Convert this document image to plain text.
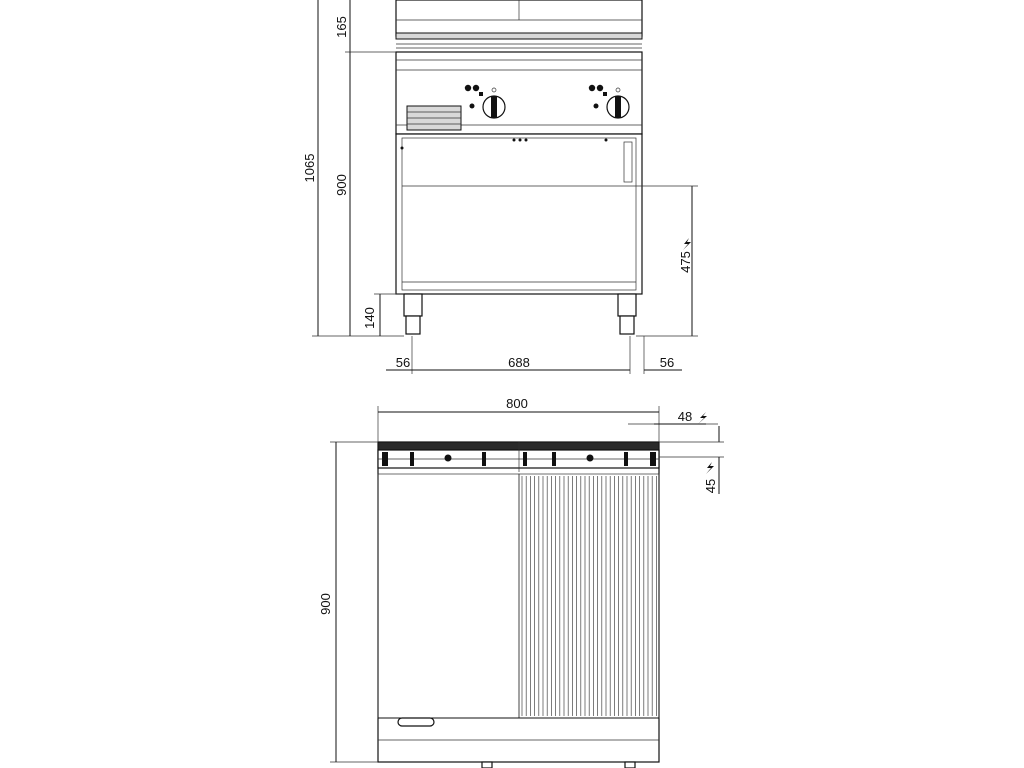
1065
165
900
140
475
56	688	56
800
900
48
45
